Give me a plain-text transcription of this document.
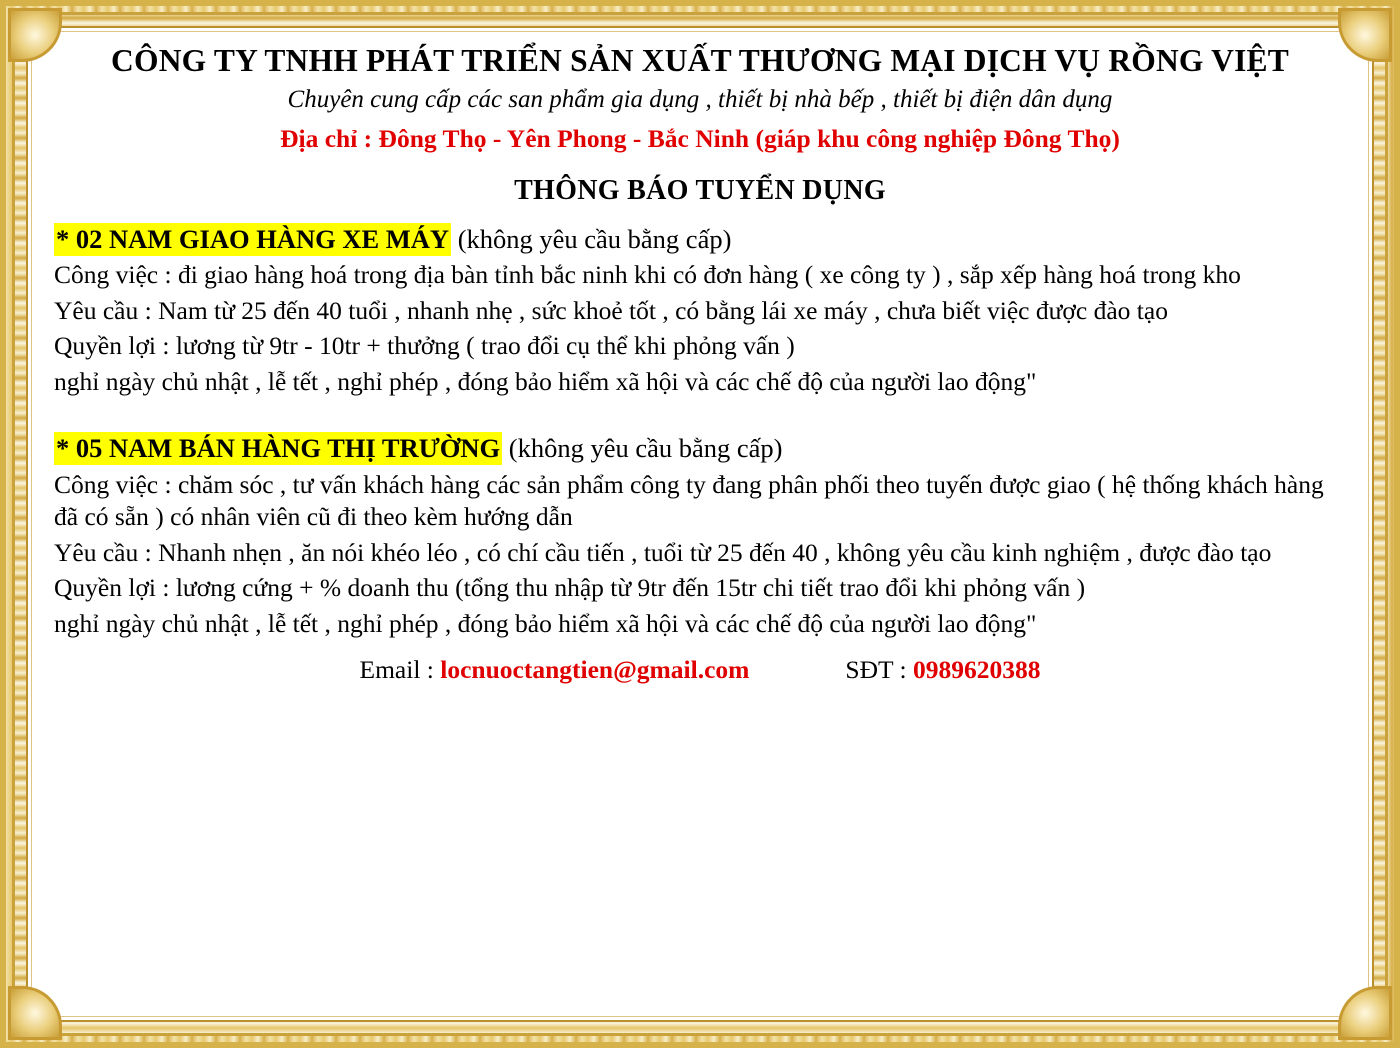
CÔNG TY TNHH PHÁT TRIỂN SẢN XUẤT THƯƠNG MẠI DỊCH VỤ RỒNG VIỆT
Chuyên cung cấp các san phẩm gia dụng , thiết bị nhà bếp , thiết bị điện dân dụng
Địa chỉ : Đông Thọ - Yên Phong - Bắc Ninh (giáp khu công nghiệp Đông Thọ)
THÔNG BÁO TUYỂN DỤNG
* 02 NAM GIAO HÀNG XE MÁY (không yêu cầu bằng cấp)
Công việc : đi giao hàng hoá trong địa bàn tỉnh bắc ninh khi có đơn hàng ( xe công ty ) , sắp xếp hàng hoá trong kho
Yêu cầu : Nam từ 25 đến 40 tuổi , nhanh nhẹ , sức khoẻ tốt , có bằng lái xe máy , chưa biết việc được đào tạo
Quyền lợi : lương từ 9tr - 10tr + thưởng ( trao đổi cụ thể khi phỏng vấn )
nghỉ ngày chủ nhật , lễ tết , nghỉ phép , đóng bảo hiểm xã hội và các chế độ của người lao động"
* 05 NAM BÁN HÀNG THỊ TRƯỜNG (không yêu cầu bằng cấp)
Công việc : chăm sóc , tư vấn khách hàng các sản phẩm công ty đang phân phối theo tuyến được giao ( hệ thống khách hàng đã có sẵn ) có nhân viên cũ đi theo kèm hướng dẫn
Yêu cầu : Nhanh nhẹn , ăn nói khéo léo , có chí cầu tiến , tuổi từ 25 đến 40 , không yêu cầu kinh nghiệm , được đào tạo
Quyền lợi : lương cứng + % doanh thu (tổng thu nhập từ 9tr đến 15tr chi tiết trao đổi khi phỏng vấn )
nghỉ ngày chủ nhật , lễ tết , nghỉ phép , đóng bảo hiểm xã hội và các chế độ của người lao động"
Email : locnuoctangtien@gmail.com	SĐT : 0989620388
